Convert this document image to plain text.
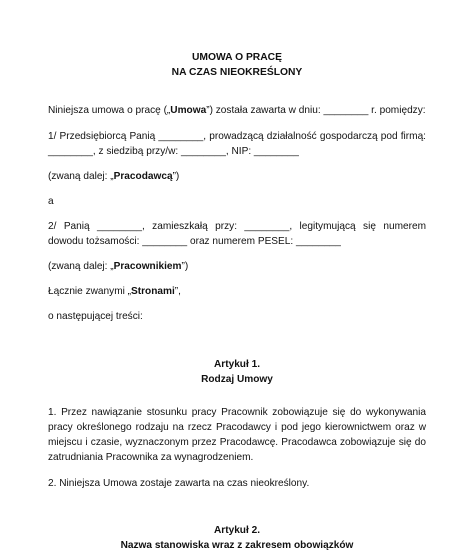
UMOWA O PRACĘ

NA CZAS NIEOKREŚLONY

Niniejsza umowa o pracę („Umowa”) została zawarta w dniu: ________ r. pomiędzy:

1/ Przedsiębiorcą Panią ________, prowadzącą działalność gospodarczą pod firmą: ________, z siedzibą przy/w: ________, NIP: ________

(zwaną dalej: „Pracodawcą”)

a

2/ Panią ________, zamieszkałą przy: ________, legitymującą się numerem dowodu tożsamości: ________ oraz numerem PESEL: ________

(zwaną dalej: „Pracownikiem”)

Łącznie zwanymi „Stronami”,

o następującej treści:

Artykuł 1.

Rodzaj Umowy

1. Przez nawiązanie stosunku pracy Pracownik zobowiązuje się do wykonywania pracy określonego rodzaju na rzecz Pracodawcy i pod jego kierownictwem oraz w miejscu i czasie, wyznaczonym przez Pracodawcę. Pracodawca zobowiązuje się do zatrudniania Pracownika za wynagrodzeniem.

2. Niniejsza Umowa zostaje zawarta na czas nieokreślony.

Artykuł 2.

Nazwa stanowiska wraz z zakresem obowiązków
